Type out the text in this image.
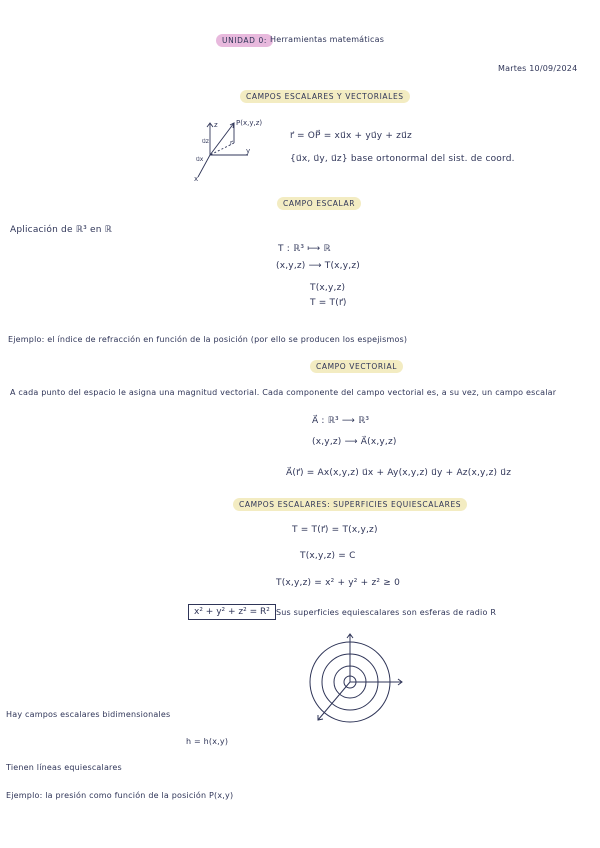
UNIDAD 0: Herramientas matemáticas
Martes 10/09/2024
CAMPOS ESCALARES Y VECTORIALES
z
y
x
u⃗z
u⃗x
r⃗
P(x,y,z)
r⃗ = OP⃗ = xu⃗x + yu⃗y + zu⃗z
{u⃗x, u⃗y, u⃗z} base ortonormal del sist. de coord.
CAMPO ESCALAR
Aplicación de ℝ³ en ℝ
T : ℝ³ ⟼ ℝ
(x,y,z) ⟶ T(x,y,z)
T(x,y,z)
T = T(r⃗)
Ejemplo: el índice de refracción en función de la posición (por ello se producen los espejismos)
CAMPO VECTORIAL
A cada punto del espacio le asigna una magnitud vectorial. Cada componente del campo vectorial es, a su vez, un campo escalar
A⃗ : ℝ³ ⟶ ℝ³
(x,y,z) ⟶ A⃗(x,y,z)
A⃗(r⃗) = Ax(x,y,z) u⃗x + Ay(x,y,z) u⃗y + Az(x,y,z) u⃗z
CAMPOS ESCALARES: SUPERFICIES EQUIESCALARES
T = T(r⃗) = T(x,y,z)
T(x,y,z) = C
T(x,y,z) = x² + y² + z² ≥ 0
x² + y² + z² = R² Sus superficies equiescalares son esferas de radio R
Hay campos escalares bidimensionales
h = h(x,y)
Tienen líneas equiescalares
Ejemplo: la presión como función de la posición P(x,y)
